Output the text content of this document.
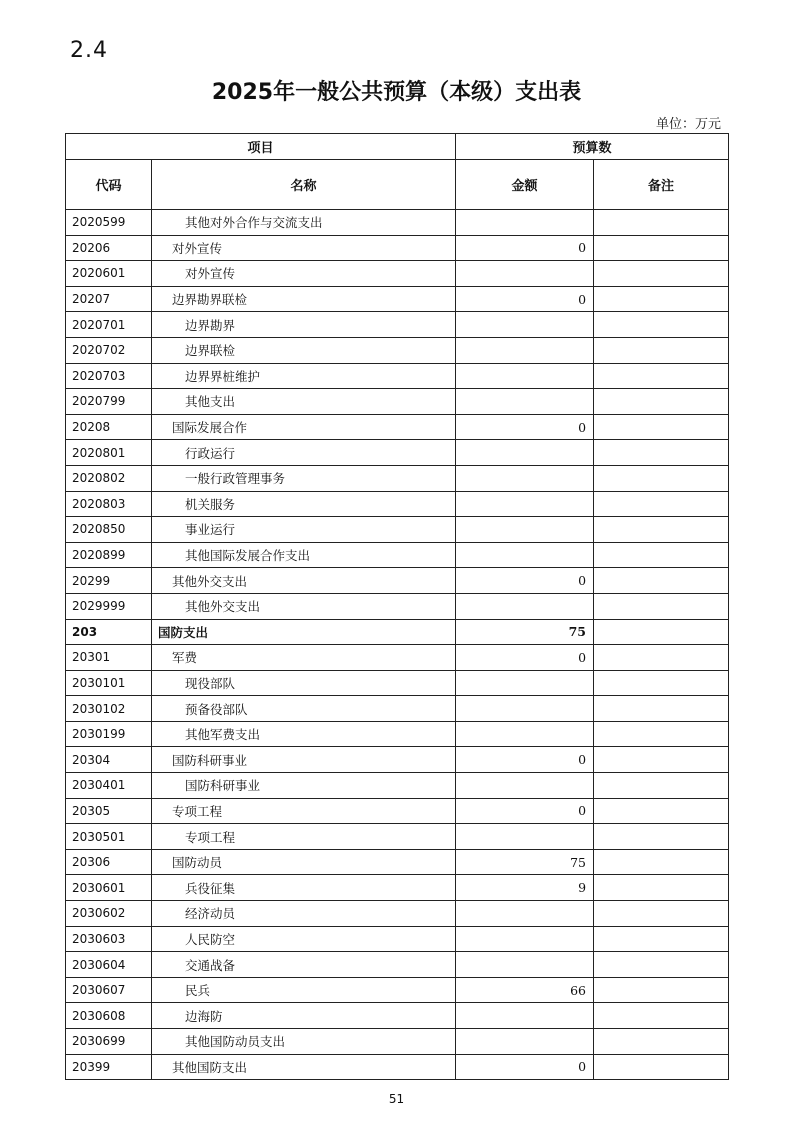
2.4
2025年一般公共预算（本级）支出表
单位：万元
项目		预算数	
代码	名称	金额	备注
2020599	其他对外合作与交流支出		
20206	对外宣传	0	
2020601	对外宣传		
20207	边界勘界联检	0	
2020701	边界勘界		
2020702	边界联检		
2020703	边界界桩维护		
2020799	其他支出		
20208	国际发展合作	0	
2020801	行政运行		
2020802	一般行政管理事务		
2020803	机关服务		
2020850	事业运行		
2020899	其他国际发展合作支出		
20299	其他外交支出	0	
2029999	其他外交支出		
203	国防支出	75	
20301	军费	0	
2030101	现役部队		
2030102	预备役部队		
2030199	其他军费支出		
20304	国防科研事业	0	
2030401	国防科研事业		
20305	专项工程	0	
2030501	专项工程		
20306	国防动员	75	
2030601	兵役征集	9	
2030602	经济动员		
2030603	人民防空		
2030604	交通战备		
2030607	民兵	66	
2030608	边海防		
2030699	其他国防动员支出		
20399	其他国防支出	0	
51
